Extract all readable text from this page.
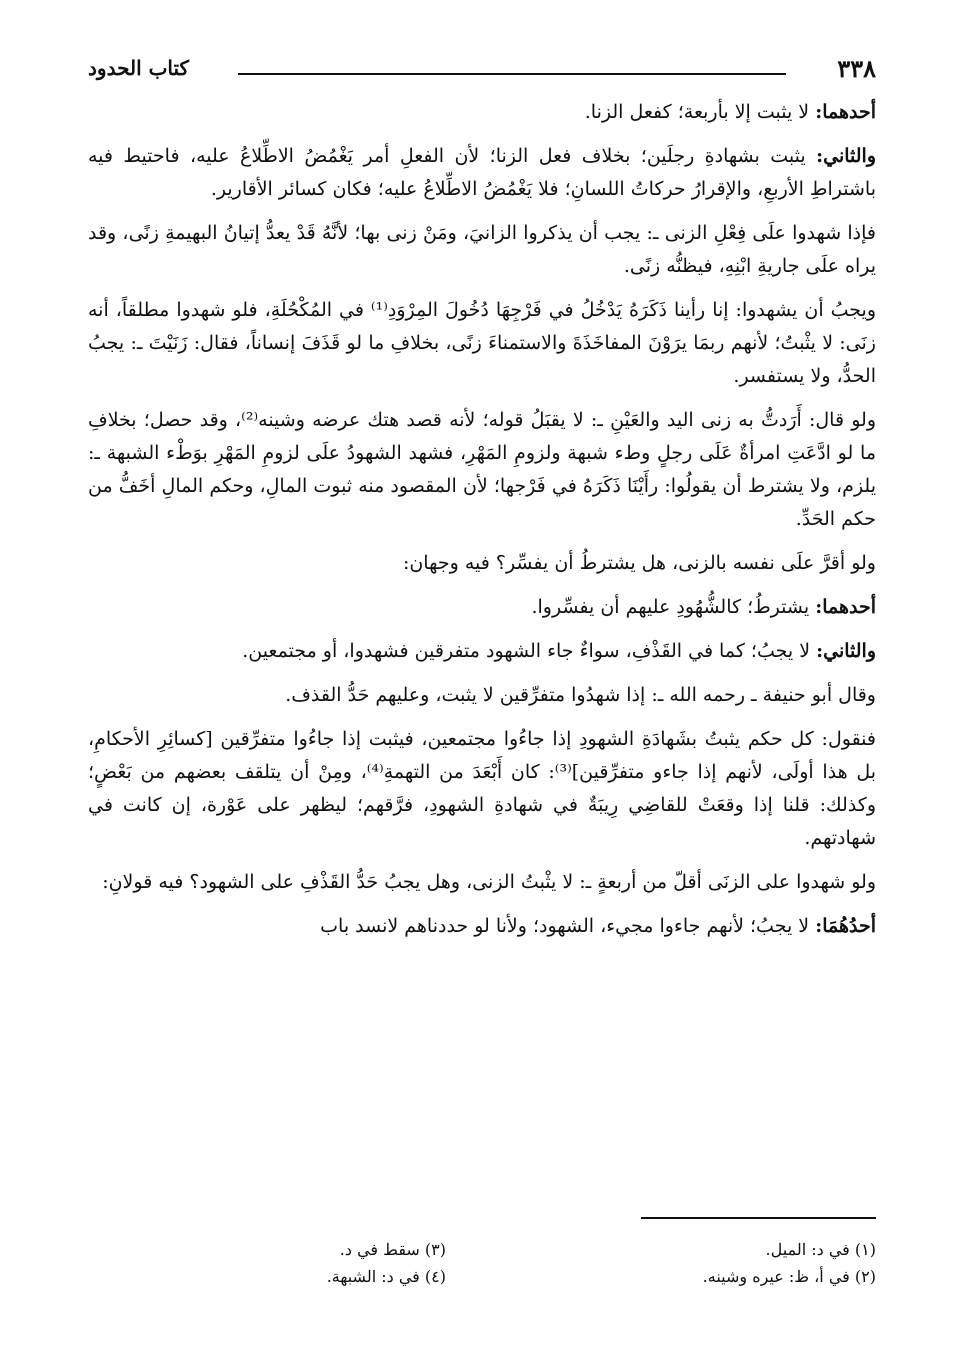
٣٣٨
كتاب الحدود

أحدهما: لا يثبت إلا بأربعة؛ كفعل الزنا.

والثاني: يثبت بشهادةِ رجلَين؛ بخلاف فعل الزنا؛ لأن الفعلِ أمر يَغْمُضُ الاطِّلاعُ عليه، فاحتيط فيه باشتراطِ الأربعِ، والإقرارُ حركاتُ اللسانِ؛ فلا يَغْمُضُ الاطِّلاعُ عليه؛ فكان كسائر الأقارير.

فإذا شهدوا علَى فِعْلِ الزنى ـ: يجب أن يذكروا الزانيَ، ومَنْ زنى بها؛ لأنَّهُ قَدْ يعدُّ إتيانُ البهيمةِ زنًى، وقد يراه علَى جاريةِ ابْنِهِ، فيظنُّه زنًى.

ويجبُ أن يشهدوا: إنا رأينا ذَكَرَهُ يَدْخُلُ في فَرْجِهَا دُخُولَ المِرْوَدِ⁽¹⁾ في المُكْحُلَةِ، فلو شهدوا مطلقاً، أنه زنَى: لا يثْبتُ؛ لأنهم ربمَا يرَوْنَ المفاخَذَةَ والاستمناءَ زنًى، بخلافِ ما لو قَذَفَ إنساناً، فقال: زَنَيْتَ ـ: يجبُ الحدُّ، ولا يستفسر.

ولو قال: أَرَدتُّ به زنى اليد والعَيْنِ ـ: لا يقبَلُ قوله؛ لأنه قصد هتك عرضه وشينه⁽²⁾، وقد حصل؛ بخلافِ ما لو ادَّعَتِ امرأةٌ عَلَى رجلٍ وطء شبهة ولزومِ المَهْرِ، فشهد الشهودُ علَى لزومِ المَهْرِ بوَطْء الشبهة ـ: يلزم، ولا يشترط أن يقولُوا: رأَيْنَا ذَكَرَهُ في فَرْجها؛ لأن المقصود منه ثبوت المالِ، وحكم المالِ أخَفُّ من حكم الحَدِّ.

ولو أقرَّ علَى نفسه بالزنى، هل يشترطُ أن يفسِّر؟ فيه وجهان:

أحدهما: يشترطُ؛ كالشُّهُودِ عليهم أن يفسِّروا.

والثاني: لا يجبُ؛ كما في القَذْفِ، سواءٌ جاء الشهود متفرقين فشهدوا، أو مجتمعين.

وقال أبو حنيفة ـ رحمه الله ـ: إذا شهدُوا متفرِّقين لا يثبت، وعليهم حَدُّ القذف.

فنقول: كل حكم يثبتُ بشَهادَةِ الشهودِ إذا جاءُوا مجتمعين، فيثبت إذا جاءُوا متفرِّقين [كسائِرِ الأحكامِ، بل هذا أولَى، لأنهم إذا جاءو متفرِّقين]⁽³⁾: كان أَبْعَدَ من التهمةِ⁽⁴⁾، ومِنْ أن يتلقف بعضهم من بَعْضٍ؛ وكذلك: قلنا إذا وقعَتْ للقاضِي رِيبَةٌ في شهادةِ الشهودِ، فرَّقهم؛ ليظهر على عَوْرة، إن كانت في شهادتهم.

ولو شهدوا على الزنَى أقلّ من أربعةٍ ـ: لا يثْبتُ الزنى، وهل يجبُ حَدُّ القَذْفِ على الشهود؟ فيه قولانِ:

أحدُهُمَا: لا يجبُ؛ لأنهم جاءوا مجيء، الشهود؛ ولأنا لو حددناهم لانسد باب

(١) في د: الميل.
(٢) في أ، ظ: عيره وشينه.
(٣) سقط في د.
(٤) في د: الشبهة.
